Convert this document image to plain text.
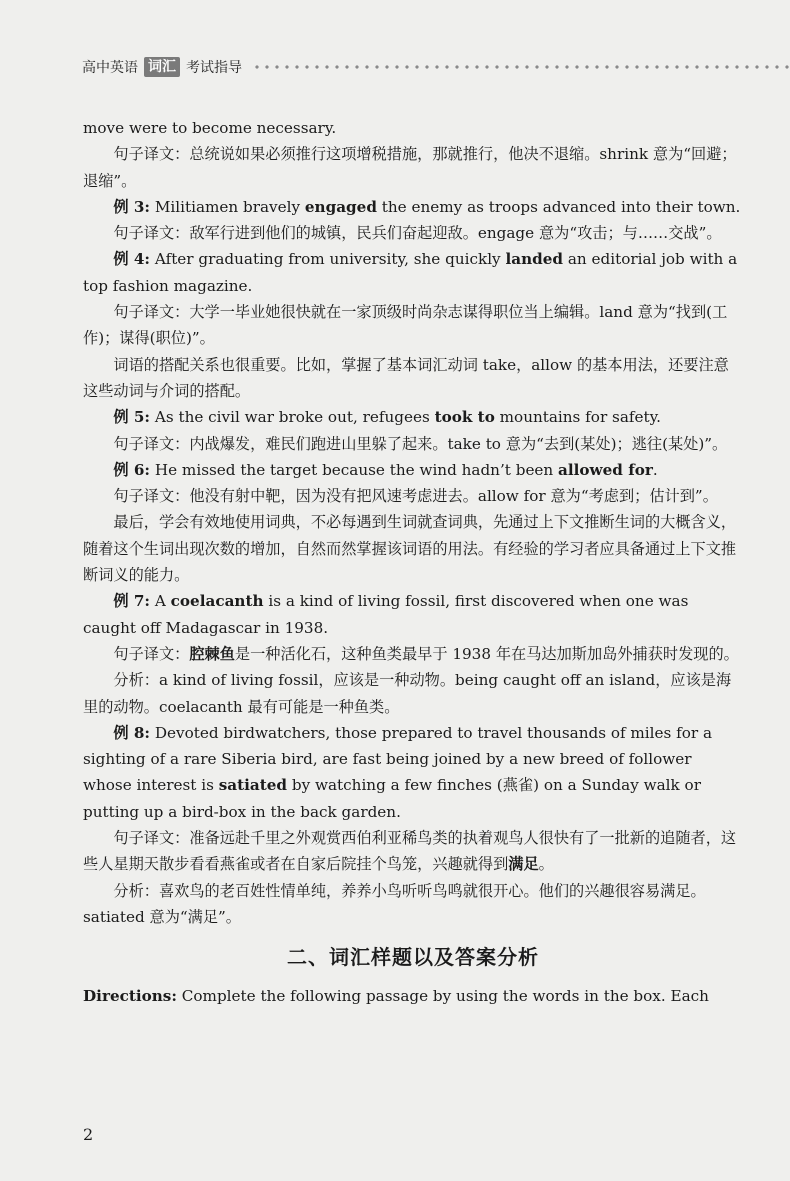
高中英语 词汇 考试指导

move were to become necessary.

句子译文：总统说如果必须推行这项增税措施，那就推行，他决不退缩。shrink 意为“回避；退缩”。

例 3: Militiamen bravely engaged the enemy as troops advanced into their town.

句子译文：敌军行进到他们的城镇，民兵们奋起迎敌。engage 意为“攻击；与……交战”。

例 4: After graduating from university, she quickly landed an editorial job with a top fashion magazine.

句子译文：大学一毕业她很快就在一家顶级时尚杂志谋得职位当上编辑。land 意为“找到(工作)；谋得(职位)”。

词语的搭配关系也很重要。比如，掌握了基本词汇动词 take，allow 的基本用法，还要注意这些动词与介词的搭配。

例 5: As the civil war broke out, refugees took to mountains for safety.

句子译文：内战爆发，难民们跑进山里躲了起来。take to 意为“去到(某处)；逃往(某处)”。

例 6: He missed the target because the wind hadn’t been allowed for.

句子译文：他没有射中靶，因为没有把风速考虑进去。allow for 意为“考虑到；估计到”。

最后，学会有效地使用词典，不必每遇到生词就查词典，先通过上下文推断生词的大概含义，随着这个生词出现次数的增加，自然而然掌握该词语的用法。有经验的学习者应具备通过上下文推断词义的能力。

例 7: A coelacanth is a kind of living fossil, first discovered when one was caught off Madagascar in 1938.

句子译文：腔棘鱼是一种活化石，这种鱼类最早于 1938 年在马达加斯加岛外捕获时发现的。

分析：a kind of living fossil，应该是一种动物。being caught off an island，应该是海里的动物。coelacanth 最有可能是一种鱼类。

例 8: Devoted birdwatchers, those prepared to travel thousands of miles for a sighting of a rare Siberia bird, are fast being joined by a new breed of follower whose interest is satiated by watching a few finches (燕雀) on a Sunday walk or putting up a bird-box in the back garden.

句子译文：准备远赴千里之外观赏西伯利亚稀鸟类的执着观鸟人很快有了一批新的追随者，这些人星期天散步看看燕雀或者在自家后院挂个鸟笼，兴趣就得到满足。

分析：喜欢鸟的老百姓性情单纯，养养小鸟听听鸟鸣就很开心。他们的兴趣很容易满足。satiated 意为“满足”。

二、词汇样题以及答案分析

Directions: Complete the following passage by using the words in the box. Each

2
